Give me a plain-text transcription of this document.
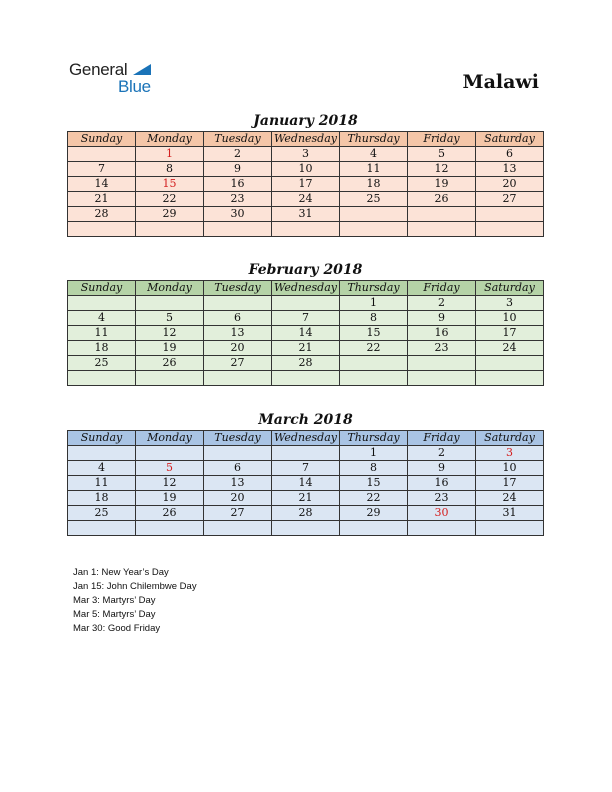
General
Blue	Malawi
January 2018
Sunday	Monday	Tuesday	Wednesday	Thursday	Friday	Saturday
	1	2	3	4	5	6
7	8	9	10	11	12	13
14	15	16	17	18	19	20
21	22	23	24	25	26	27
28	29	30	31			

February 2018
Sunday	Monday	Tuesday	Wednesday	Thursday	Friday	Saturday
				1	2	3
4	5	6	7	8	9	10
11	12	13	14	15	16	17
18	19	20	21	22	23	24
25	26	27	28			

March 2018
Sunday	Monday	Tuesday	Wednesday	Thursday	Friday	Saturday
				1	2	3
4	5	6	7	8	9	10
11	12	13	14	15	16	17
18	19	20	21	22	23	24
25	26	27	28	29	30	31

Jan 1: New Year’s Day
Jan 15: John Chilembwe Day
Mar 3: Martyrs’ Day
Mar 5: Martyrs’ Day
Mar 30: Good Friday
